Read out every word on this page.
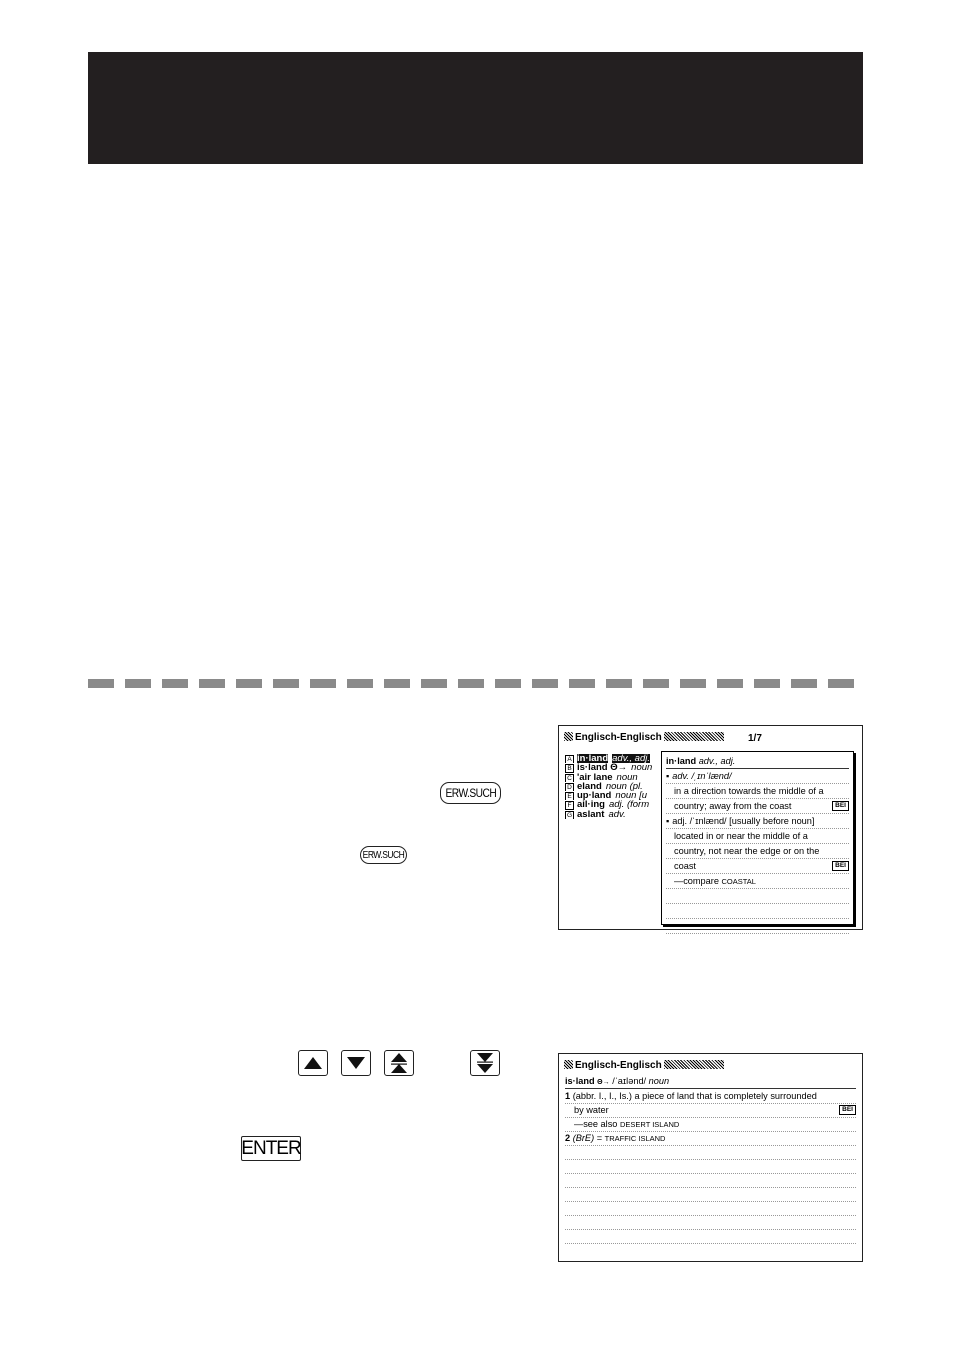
ERW.SUCH
ERW.SUCH
ENTER
Englisch-Englisch	1/7
A in·land adv., adj.
B is·land Θ→ noun
C 'air lane noun
D eland noun (pl.
E up·land noun [u
F ail·ing adj. (form
G aslant adv.
in·land adv., adj.
▪ adv. /ˌɪnˈlænd/
in a direction towards the middle of a
country; away from the coast	BEI
▪ adj. /ˈɪnlænd/ [usually before noun]
located in or near the middle of a
country, not near the edge or on the
coast	BEI
—compare COASTAL
Englisch-Englisch
is·land Θ→ /ˈaɪlənd/ noun
1 (abbr. I., I., Is.) a piece of land that is completely surrounded
by water	BEI
—see also DESERT ISLAND
2 (BrE) = TRAFFIC ISLAND
